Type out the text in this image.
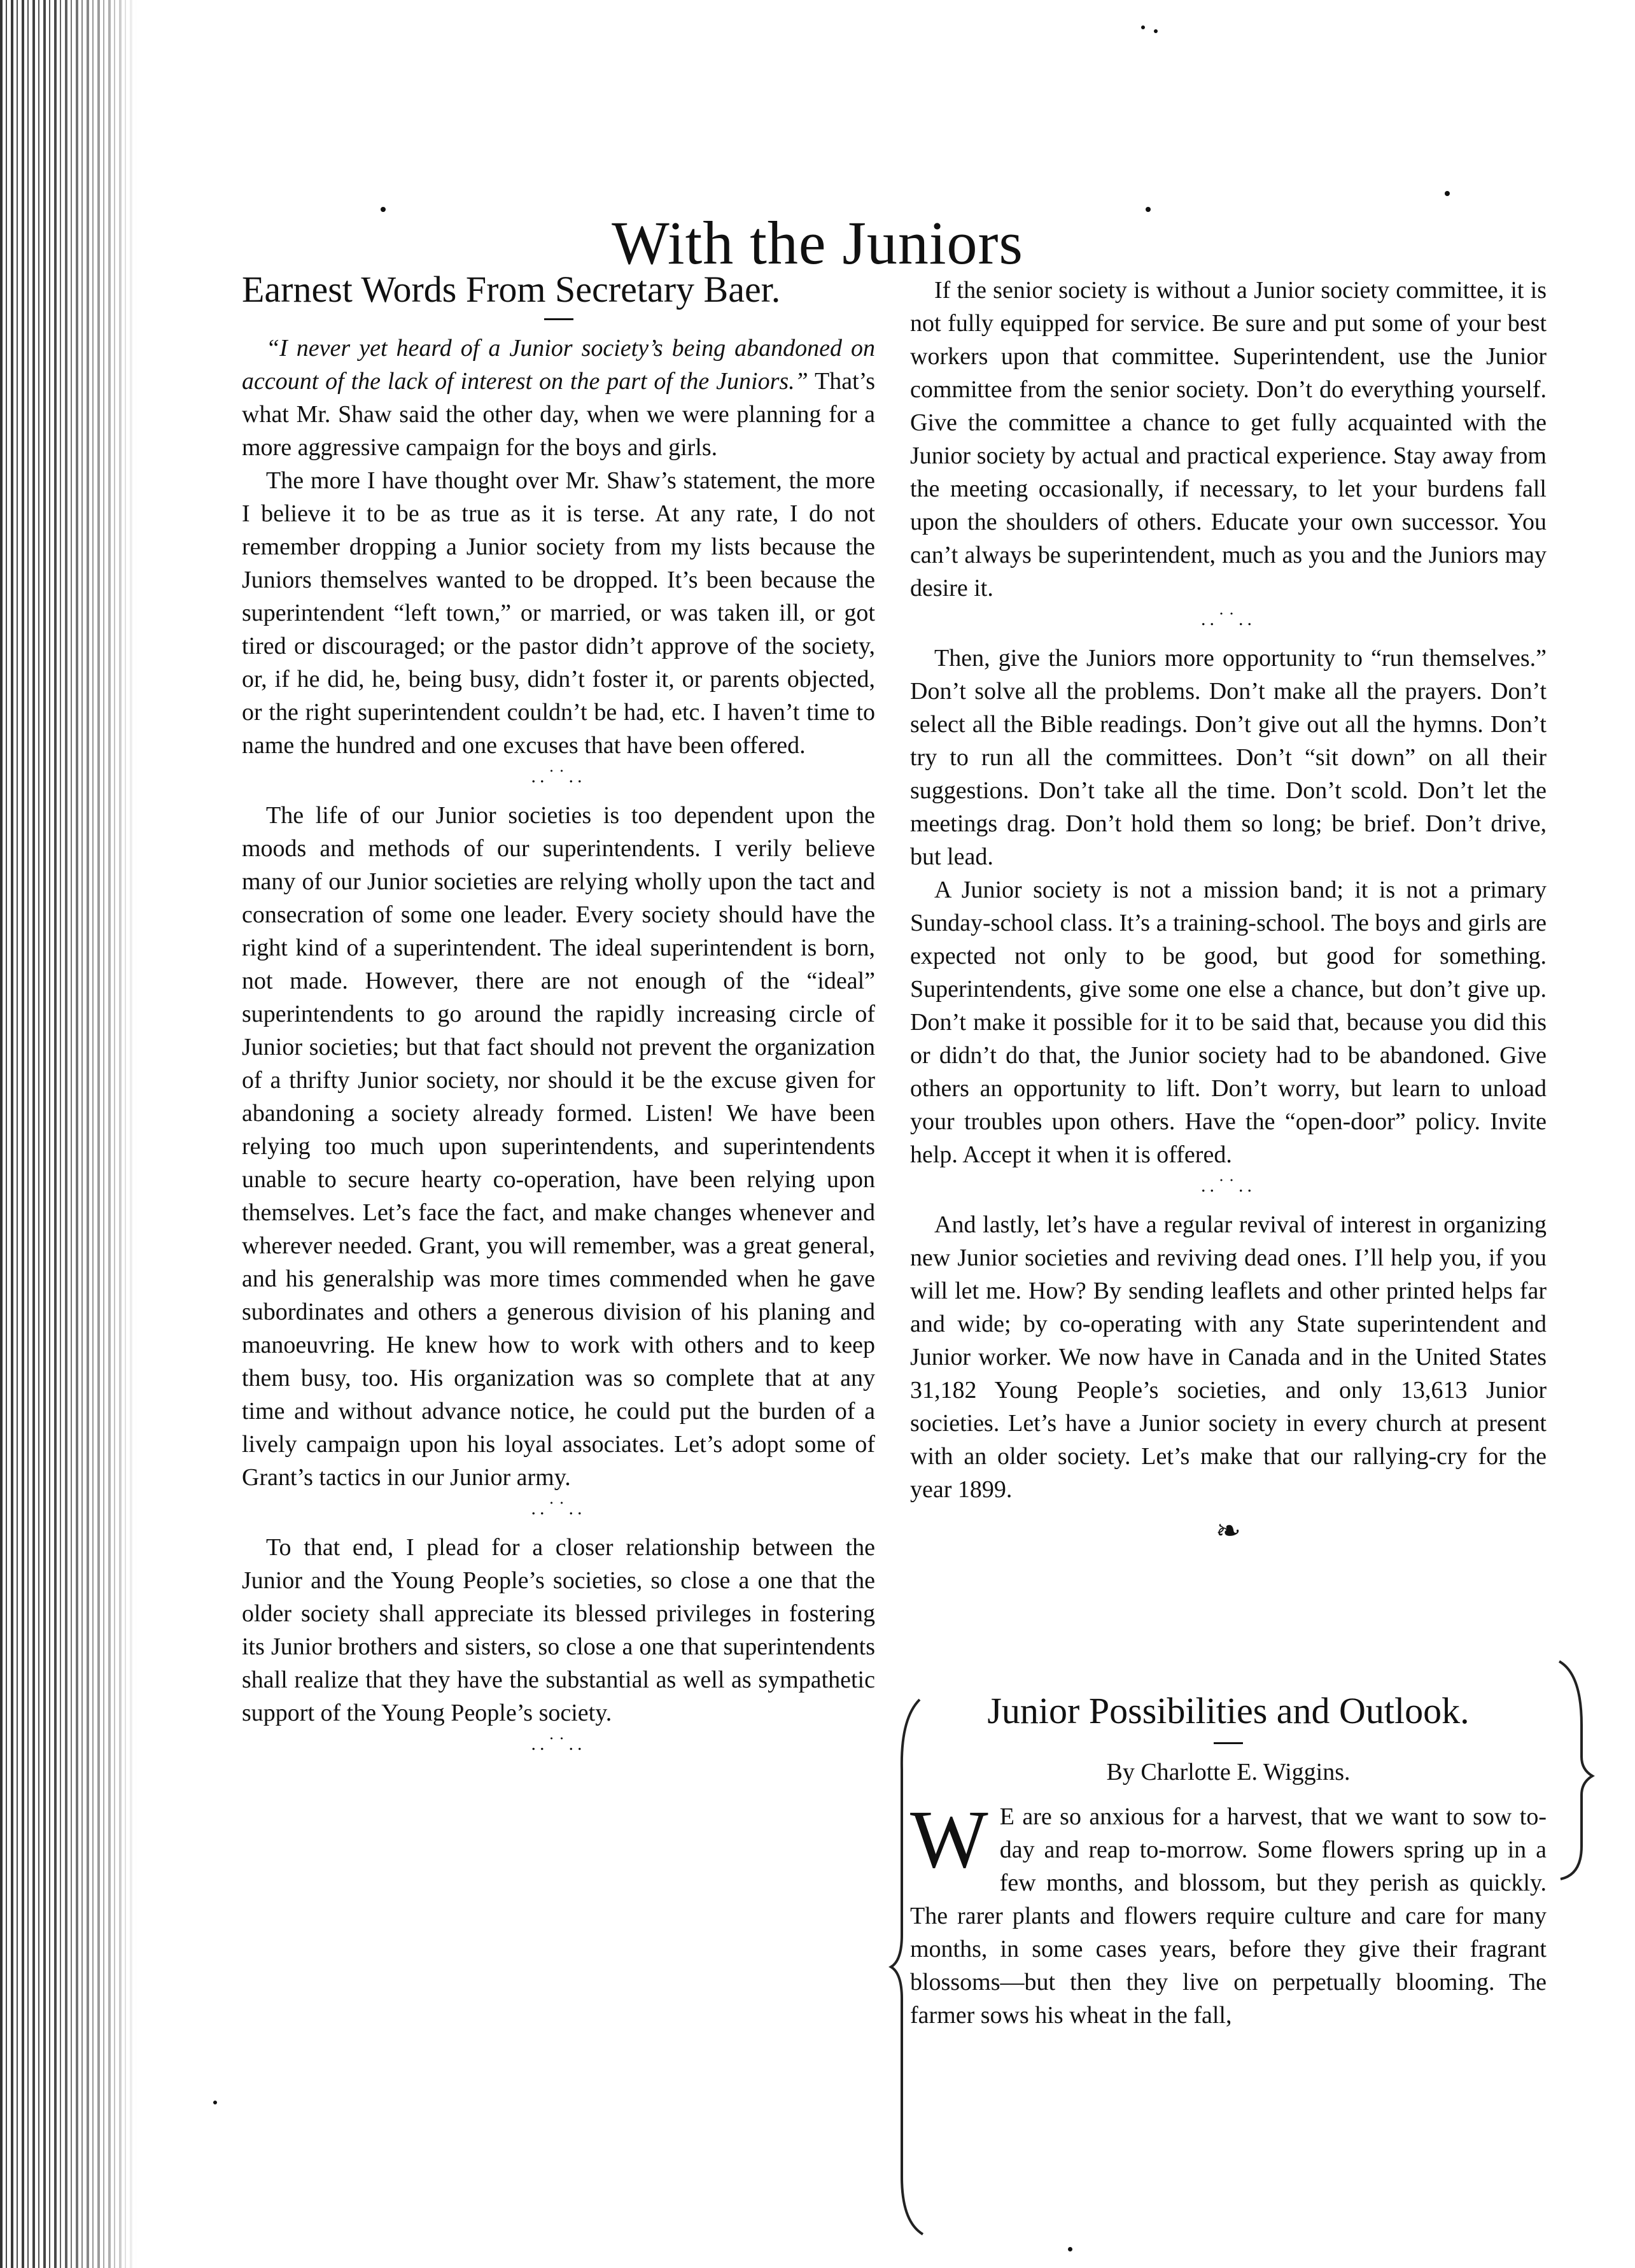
With the Juniors
Earnest Words From Secretary Baer.

“I never yet heard of a Junior society’s being abandoned on account of the lack of interest on the part of the Juniors.” That’s what Mr. Shaw said the other day, when we were planning for a more aggressive campaign for the boys and girls.

The more I have thought over Mr. Shaw’s statement, the more I believe it to be as true as it is terse. At any rate, I do not remember dropping a Junior society from my lists because the Juniors themselves wanted to be dropped. It’s been because the superintendent “left town,” or married, or was taken ill, or got tired or discouraged; or the pastor didn’t approve of the society, or, if he did, he, being busy, didn’t foster it, or parents objected, or the right superintendent couldn’t be had, etc. I haven’t time to name the hundred and one excuses that have been offered.

..˙˙..

The life of our Junior societies is too dependent upon the moods and methods of our superintendents. I verily believe many of our Junior societies are relying wholly upon the tact and consecration of some one leader. Every society should have the right kind of a superintendent. The ideal superintendent is born, not made. However, there are not enough of the “ideal” superintendents to go around the rapidly increasing circle of Junior societies; but that fact should not prevent the organization of a thrifty Junior society, nor should it be the excuse given for abandoning a society already formed. Listen! We have been relying too much upon superintendents, and superintendents unable to secure hearty co-operation, have been relying upon themselves. Let’s face the fact, and make changes whenever and wherever needed. Grant, you will remember, was a great general, and his generalship was more times commended when he gave subordinates and others a generous division of his planing and manoeuvring. He knew how to work with others and to keep them busy, too. His organization was so complete that at any time and without advance notice, he could put the burden of a lively campaign upon his loyal associates. Let’s adopt some of Grant’s tactics in our Junior army.

..˙˙..

To that end, I plead for a closer relationship between the Junior and the Young People’s societies, so close a one that the older society shall appreciate its blessed privileges in fostering its Junior brothers and sisters, so close a one that superintendents shall realize that they have the substantial as well as sympathetic support of the Young People’s society.

..˙˙..

If the senior society is without a Junior society committee, it is not fully equipped for service. Be sure and put some of your best workers upon that committee. Superintendent, use the Junior committee from the senior society. Don’t do everything yourself. Give the committee a chance to get fully acquainted with the Junior society by actual and practical experience. Stay away from the meeting occasionally, if necessary, to let your burdens fall upon the shoulders of others. Educate your own successor. You can’t always be superintendent, much as you and the Juniors may desire it.

..˙˙..

Then, give the Juniors more opportunity to “run themselves.” Don’t solve all the problems. Don’t make all the prayers. Don’t select all the Bible readings. Don’t give out all the hymns. Don’t try to run all the committees. Don’t “sit down” on all their suggestions. Don’t take all the time. Don’t scold. Don’t let the meetings drag. Don’t hold them so long; be brief. Don’t drive, but lead.

A Junior society is not a mission band; it is not a primary Sunday-school class. It’s a training-school. The boys and girls are expected not only to be good, but good for something. Superintendents, give some one else a chance, but don’t give up. Don’t make it possible for it to be said that, because you did this or didn’t do that, the Junior society had to be abandoned. Give others an opportunity to lift. Don’t worry, but learn to unload your troubles upon others. Have the “open-door” policy. Invite help. Accept it when it is offered.

..˙˙..

And lastly, let’s have a regular revival of interest in organizing new Junior societies and reviving dead ones. I’ll help you, if you will let me. How? By sending leaflets and other printed helps far and wide; by co-operating with any State superintendent and Junior worker. We now have in Canada and in the United States 31,182 Young People’s societies, and only 13,613 Junior societies. Let’s have a Junior society in every church at present with an older society. Let’s make that our rallying-cry for the year 1899.

❧
Junior Possibilities and Outlook.
By Charlotte E. Wiggins.

W E are so anxious for a harvest, that we want to sow to-day and reap to-morrow. Some flowers spring up in a few months, and blossom, but they perish as quickly. The rarer plants and flowers require culture and care for many months, in some cases years, before they give their fragrant blossoms—but then they live on perpetually blooming. The farmer sows his wheat in the fall,
